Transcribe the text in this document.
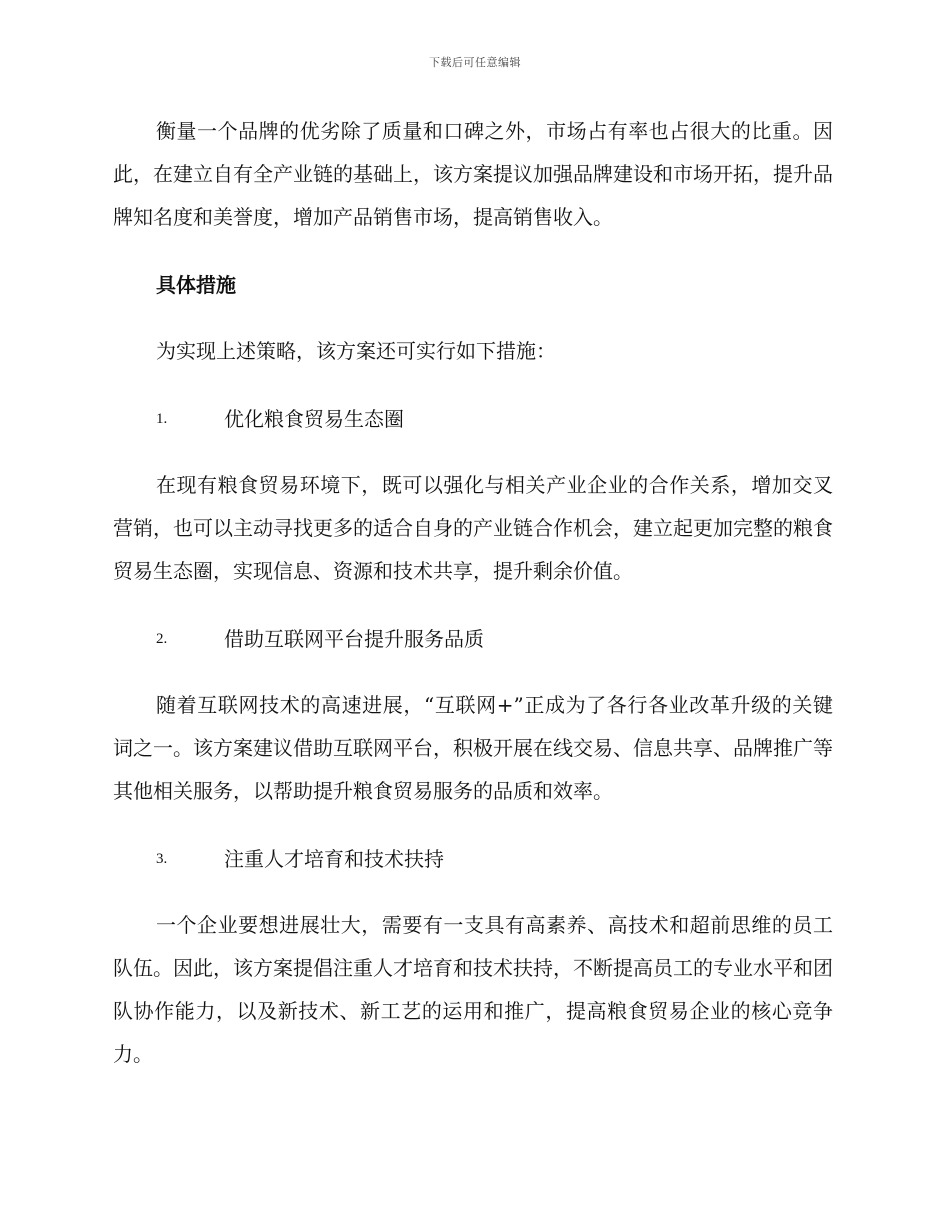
下载后可任意编辑

衡量一个品牌的优劣除了质量和口碑之外，市场占有率也占很大的比重。因此，在建立自有全产业链的基础上，该方案提议加强品牌建设和市场开拓，提升品牌知名度和美誉度，增加产品销售市场，提高销售收入。

具体措施

为实现上述策略，该方案还可实行如下措施：

1.	优化粮食贸易生态圈

在现有粮食贸易环境下，既可以强化与相关产业企业的合作关系，增加交叉营销，也可以主动寻找更多的适合自身的产业链合作机会，建立起更加完整的粮食贸易生态圈，实现信息、资源和技术共享，提升剩余价值。

2.	借助互联网平台提升服务品质

随着互联网技术的高速进展，“互联网+”正成为了各行各业改革升级的关键词之一。该方案建议借助互联网平台，积极开展在线交易、信息共享、品牌推广等其他相关服务，以帮助提升粮食贸易服务的品质和效率。

3.	注重人才培育和技术扶持

一个企业要想进展壮大，需要有一支具有高素养、高技术和超前思维的员工队伍。因此，该方案提倡注重人才培育和技术扶持，不断提高员工的专业水平和团队协作能力，以及新技术、新工艺的运用和推广，提高粮食贸易企业的核心竞争力。
